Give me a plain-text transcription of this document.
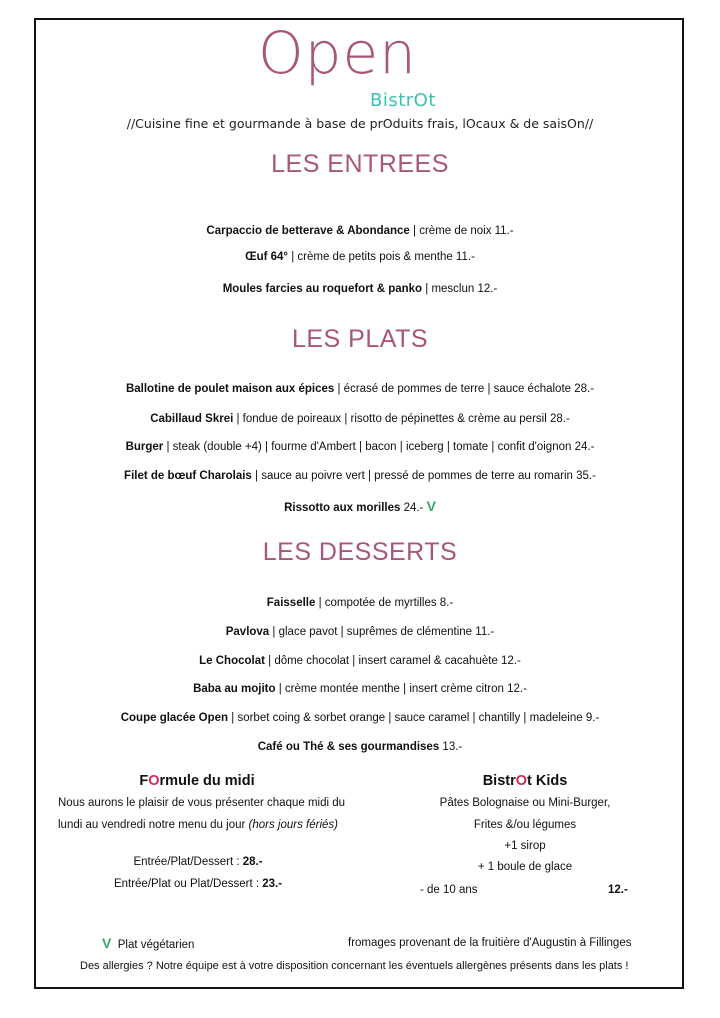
Open
BistrOt
//Cuisine fine et gourmande à base de prOduits frais, lOcaux & de saisOn//
LES ENTREES
Carpaccio de betterave & Abondance | crème de noix 11.-
Œuf 64° | crème de petits pois & menthe 11.-
Moules farcies au roquefort & panko | mesclun 12.-
LES PLATS
Ballotine de poulet maison aux épices | écrasé de pommes de terre | sauce échalote 28.-
Cabillaud Skrei | fondue de poireaux | risotto de pépinettes & crème au persil 28.-
Burger | steak (double +4) | fourme d'Ambert | bacon | iceberg | tomate | confit d'oignon 24.-
Filet de bœuf Charolais | sauce au poivre vert | pressé de pommes de terre au romarin 35.-
Rissotto aux morilles 24.- V
LES DESSERTS
Faisselle | compotée de myrtilles 8.-
Pavlova | glace pavot | suprêmes de clémentine 11.-
Le Chocolat | dôme chocolat | insert caramel & cacahuète 12.-
Baba au mojito | crème montée menthe | insert crème citron 12.-
Coupe glacée Open | sorbet coing & sorbet orange | sauce caramel | chantilly | madeleine 9.-
Café ou Thé & ses gourmandises 13.-
FOrmule du midi
Nous aurons le plaisir de vous présenter chaque midi du
lundi au vendredi notre menu du jour (hors jours fériés)
Entrée/Plat/Dessert : 28.-
Entrée/Plat ou Plat/Dessert : 23.-
BistrOt Kids
Pâtes Bolognaise ou Mini-Burger,
Frites &/ou légumes
+1 sirop
+ 1 boule de glace
- de 10 ans	12.-
V Plat végétarien	fromages provenant de la fruitière d'Augustin à Fillinges
Des allergies ? Notre équipe est à votre disposition concernant les éventuels allergènes présents dans les plats !
